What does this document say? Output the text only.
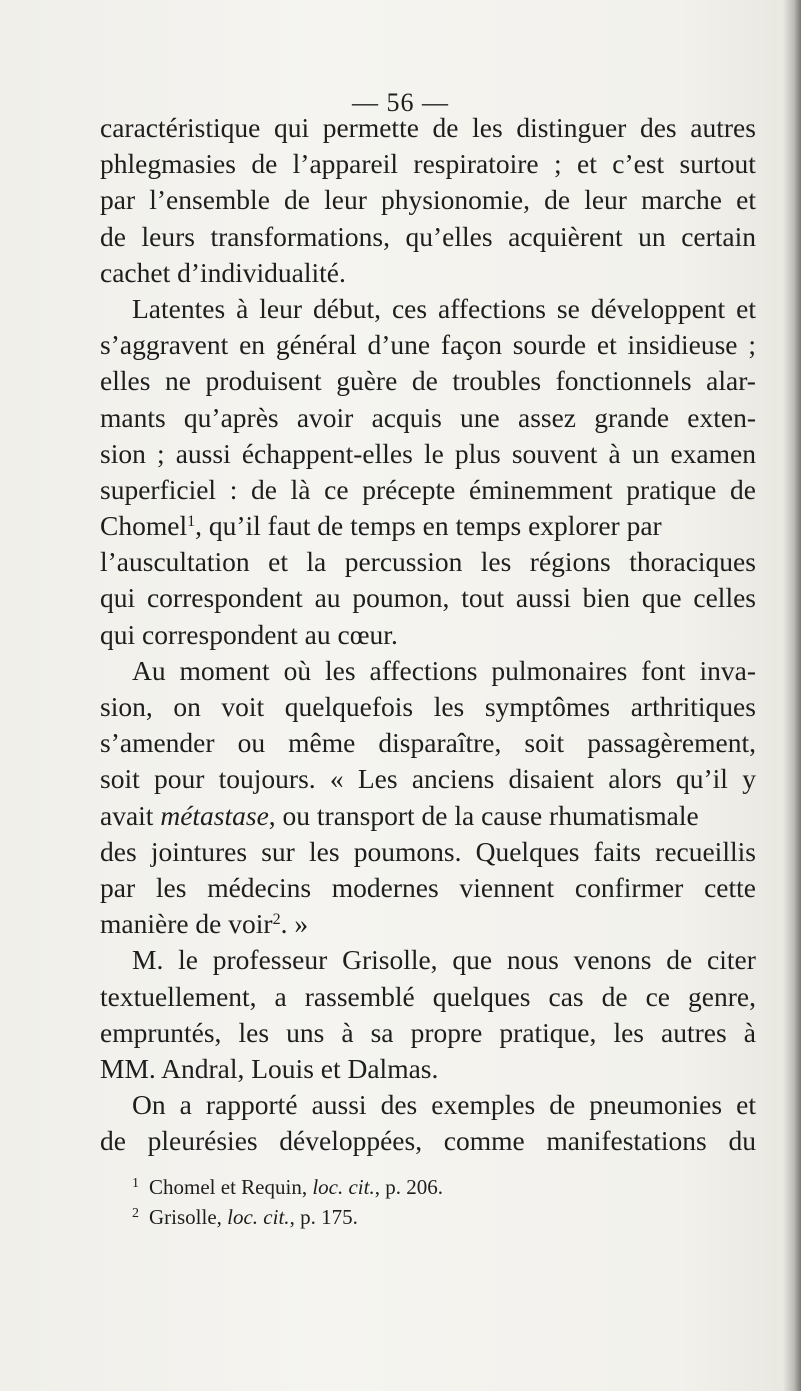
— 56 —
caractéristique qui permette de les distinguer des autres
phlegmasies de l’appareil respiratoire ; et c’est surtout
par l’ensemble de leur physionomie, de leur marche et
de leurs transformations, qu’elles acquièrent un certain
cachet d’individualité.
Latentes à leur début, ces affections se développent et
s’aggravent en général d’une façon sourde et insidieuse ;
elles ne produisent guère de troubles fonctionnels alar-
mants qu’après avoir acquis une assez grande exten-
sion ; aussi échappent-elles le plus souvent à un examen
superficiel : de là ce précepte éminemment pratique de
Chomel$^1$, qu’il faut de temps en temps explorer par
l’auscultation et la percussion les régions thoraciques
qui correspondent au poumon, tout aussi bien que celles
qui correspondent au cœur.
Au moment où les affections pulmonaires font inva-
sion, on voit quelquefois les symptômes arthritiques
s’amender ou même disparaître, soit passagèrement,
soit pour toujours. « Les anciens disaient alors qu’il y
avait métastase, ou transport de la cause rhumatismale
des jointures sur les poumons. Quelques faits recueillis
par les médecins modernes viennent confirmer cette
manière de voir$^2$. »
M. le professeur Grisolle, que nous venons de citer
textuellement, a rassemblé quelques cas de ce genre,
empruntés, les uns à sa propre pratique, les autres à
MM. Andral, Louis et Dalmas.
On a rapporté aussi des exemples de pneumonies et
de pleurésies développées, comme manifestations du
$^1$ Chomel et Requin, loc. cit., p. 206.
$^2$ Grisolle, loc. cit., p. 175.
